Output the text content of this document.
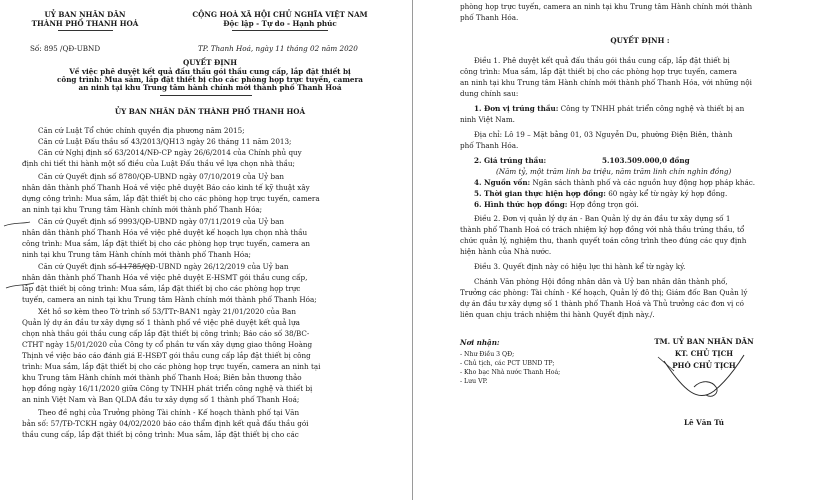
UỶ BAN NHÂN DÂN
THÀNH PHỐ THANH HOÁ
CỘNG HOÀ XÃ HỘI CHỦ NGHĨA VIỆT NAM
Độc lập - Tự do - Hạnh phúc
Số: 895 /QĐ-UBND	TP. Thanh Hoá, ngày 11 tháng 02 năm 2020
QUYẾT ĐỊNH
Về việc phê duyệt kết quả đấu thầu gói thầu cung cấp, lắp đặt thiết bị
công trình: Mua sắm, lắp đặt thiết bị cho các phòng họp trực tuyến, camera
an ninh tại khu Trung tâm hành chính mới thành phố Thanh Hoá
ỦY BAN NHÂN DÂN THÀNH PHỐ THANH HOÁ
Căn cứ Luật Tổ chức chính quyền địa phương năm 2015;
Căn cứ Luật Đấu thầu số 43/2013/QH13 ngày 26 tháng 11 năm 2013;
Căn cứ Nghị định số 63/2014/NĐ-CP ngày 26/6/2014 của Chính phủ quy
định chi tiết thi hành một số điều của Luật Đấu thầu về lựa chọn nhà thầu;
Căn cứ Quyết định số 8780/QĐ-UBND ngày 07/10/2019 của Uỷ ban
nhân dân thành phố Thanh Hoá về việc phê duyệt Báo cáo kinh tế kỹ thuật xây
dựng công trình: Mua sắm, lắp đặt thiết bị cho các phòng họp trực tuyến, camera
an ninh tại khu Trung tâm Hành chính mới thành phố Thanh Hóa;
Căn cứ Quyết định số 9993/QĐ-UBND ngày 07/11/2019 của Uỷ ban
nhân dân thành phố Thanh Hóa về việc phê duyệt kế hoạch lựa chọn nhà thầu
công trình: Mua sắm, lắp đặt thiết bị cho các phòng họp trực tuyến, camera an
ninh tại khu Trung tâm Hành chính mới thành phố Thanh Hóa;
Căn cứ Quyết định số 11785/QĐ-UBND ngày 26/12/2019 của Uỷ ban
nhân dân thành phố Thanh Hóa về việc phê duyệt E-HSMT gói thầu cung cấp,
lắp đặt thiết bị công trình: Mua sắm, lắp đặt thiết bị cho các phòng họp trực
tuyến, camera an ninh tại khu Trung tâm Hành chính mới thành phố Thanh Hóa;
Xét hồ sơ kèm theo Tờ trình số 53/TTr-BAN1 ngày 21/01/2020 của Ban
Quản lý dự án đầu tư xây dựng số 1 thành phố về việc phê duyệt kết quả lựa
chọn nhà thầu gói thầu cung cấp lắp đặt thiết bị công trình; Báo cáo số 38/BC-
CTHT ngày 15/01/2020 của Công ty cổ phần tư vấn xây dựng giao thông Hoàng
Thịnh về việc báo cáo đánh giá E-HSĐT gói thầu cung cấp lắp đặt thiết bị công
trình: Mua sắm, lắp đặt thiết bị cho các phòng họp trực tuyến, camera an ninh tại
khu Trung tâm Hành chính mới thành phố Thanh Hoá; Biên bản thương thảo
hợp đồng ngày 16/11/2020 giữa Công ty TNHH phát triển công nghệ và thiết bị
an ninh Việt Nam và Ban QLDA đầu tư xây dựng số 1 thành phố Thanh Hoá;
Theo đề nghị của Trưởng phòng Tài chính - Kế hoạch thành phố tại Văn
bản số: 57/TĐ-TCKH ngày 04/02/2020 báo cáo thẩm định kết quả đấu thầu gói
thầu cung cấp, lắp đặt thiết bị công trình: Mua sắm, lắp đặt thiết bị cho các
phòng họp trực tuyến, camera an ninh tại khu Trung tâm Hành chính mới thành
phố Thanh Hóa.
QUYẾT ĐỊNH :
Điều 1. Phê duyệt kết quả đấu thầu gói thầu cung cấp, lắp đặt thiết bị
công trình: Mua sắm, lắp đặt thiết bị cho các phòng họp trực tuyến, camera
an ninh tại khu Trung tâm Hành chính mới thành phố Thanh Hóa, với những nội
dung chính sau:
1. Đơn vị trúng thầu: Công ty TNHH phát triển công nghệ và thiết bị an
ninh Việt Nam.
Địa chỉ: Lô 19 – Mặt bằng 01, 03 Nguyễn Du, phường Điện Biên, thành
phố Thanh Hóa.
2. Giá trúng thầu:	5.103.509.000,0 đồng
(Năm tỷ, một trăm linh ba triệu, năm trăm linh chín nghìn đồng)
4. Nguồn vốn: Ngân sách thành phố và các nguồn huy động hợp pháp khác.
5. Thời gian thực hiện hợp đồng: 60 ngày kể từ ngày ký hợp đồng.
6. Hình thức hợp đồng: Hợp đồng trọn gói.
Điều 2. Đơn vị quản lý dự án - Ban Quản lý dự án đầu tư xây dựng số 1
thành phố Thanh Hoá có trách nhiệm ký hợp đồng với nhà thầu trúng thầu, tổ
chức quản lý, nghiệm thu, thanh quyết toán công trình theo đúng các quy định
hiện hành của Nhà nước.
Điều 3. Quyết định này có hiệu lực thi hành kể từ ngày ký.
Chánh Văn phòng Hội đồng nhân dân và Uỷ ban nhân dân thành phố,
Trưởng các phòng: Tài chính - Kế hoạch, Quản lý đô thị; Giám đốc Ban Quản lý
dự án đầu tư xây dựng số 1 thành phố Thanh Hoá và Thủ trưởng các đơn vị có
liên quan chịu trách nhiệm thi hành Quyết định này./.
Nơi nhận:
- Như Điều 3 QĐ;
- Chủ tịch, các PCT UBND TP;
- Kho bạc Nhà nước Thanh Hoá;
- Lưu VP.
TM. UỶ BAN NHÂN DÂN
KT. CHỦ TỊCH
PHÓ CHỦ TỊCH
Lê Văn Tú
